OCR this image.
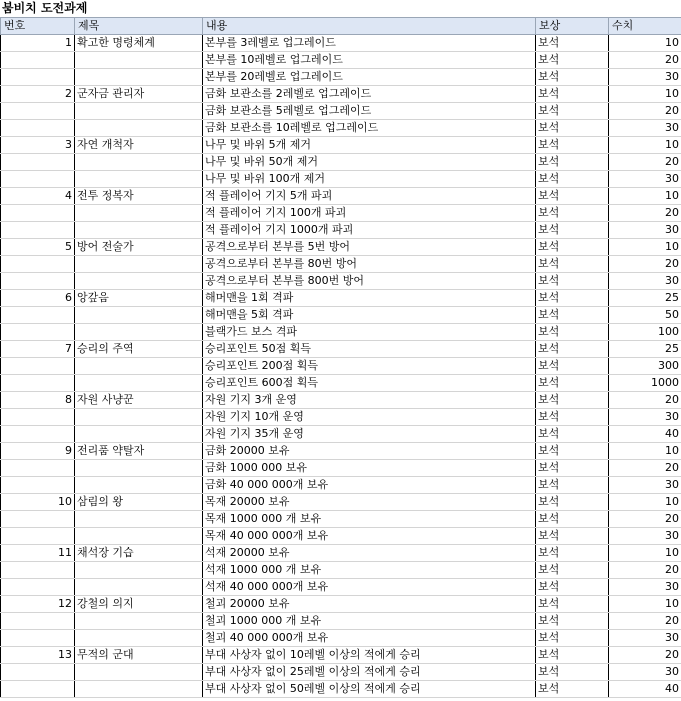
붐비치 도전과제
번호	제목	내용	보상	수치
1	확고한 명령체계	본부를 3레벨로 업그레이드	보석	10
		본부를 10레벨로 업그레이드	보석	20
		본부를 20레벨로 업그레이드	보석	30
2	군자금 관리자	금화 보관소를 2레벨로 업그레이드	보석	10
		금화 보관소를 5레벨로 업그레이드	보석	20
		금화 보관소를 10레벨로 업그레이드	보석	30
3	자연 개척자	나무 및 바위 5개 제거	보석	10
		나무 및 바위 50개 제거	보석	20
		나무 및 바위 100개 제거	보석	30
4	전투 정복자	적 플레이어 기지 5개 파괴	보석	10
		적 플레이어 기지 100개 파괴	보석	20
		적 플레이어 기지 1000개 파괴	보석	30
5	방어 전술가	공격으로부터 본부를 5번 방어	보석	10
		공격으로부터 본부를 80번 방어	보석	20
		공격으로부터 본부를 800번 방어	보석	30
6	앙갚음	해머맨을 1회 격파	보석	25
		해머맨을 5회 격파	보석	50
		블랙가드 보스 격파	보석	100
7	승리의 주역	승리포인트 50점 획득	보석	25
		승리포인트 200점 획득	보석	300
		승리포인트 600점 획득	보석	1000
8	자원 사냥꾼	자원 기지 3개 운영	보석	20
		자원 기지 10개 운영	보석	30
		자원 기지 35개 운영	보석	40
9	전리품 약탈자	금화 20000 보유	보석	10
		금화 1000 000 보유	보석	20
		금화 40 000 000개 보유	보석	30
10	삼림의 왕	목재 20000 보유	보석	10
		목재 1000 000 개 보유	보석	20
		목재 40 000 000개 보유	보석	30
11	채석장 기습	석재 20000 보유	보석	10
		석재 1000 000 개 보유	보석	20
		석재 40 000 000개 보유	보석	30
12	강철의 의지	철괴 20000 보유	보석	10
		철괴 1000 000 개 보유	보석	20
		철괴 40 000 000개 보유	보석	30
13	무적의 군대	부대 사상자 없이 10레벨 이상의 적에게 승리	보석	20
		부대 사상자 없이 25레벨 이상의 적에게 승리	보석	30
		부대 사상자 없이 50레벨 이상의 적에게 승리	보석	40
